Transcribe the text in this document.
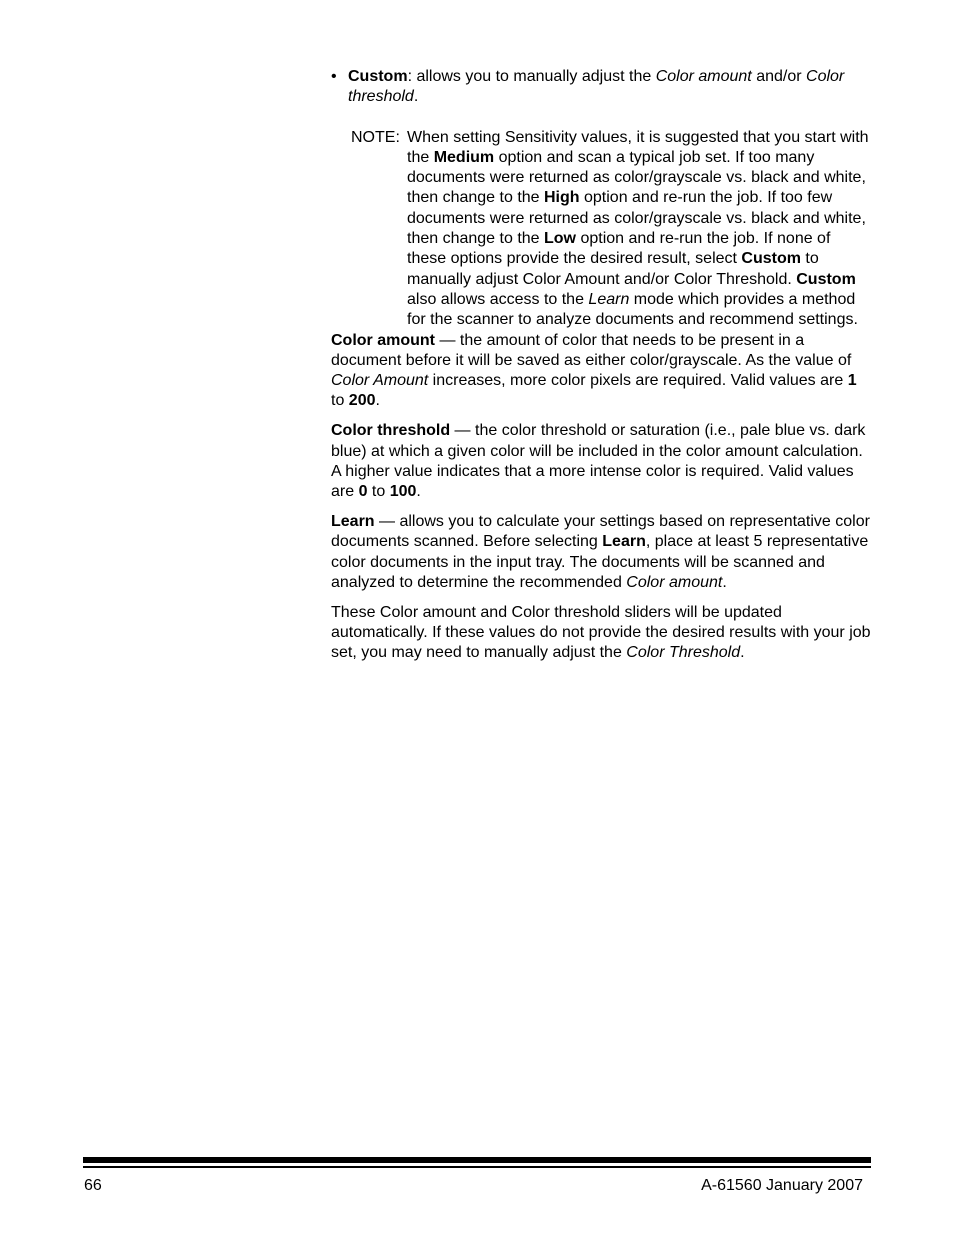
• Custom: allows you to manually adjust the Color amount and/or Color threshold.
NOTE: When setting Sensitivity values, it is suggested that you start with the Medium option and scan a typical job set. If too many documents were returned as color/grayscale vs. black and white, then change to the High option and re-run the job. If too few documents were returned as color/grayscale vs. black and white, then change to the Low option and re-run the job. If none of these options provide the desired result, select Custom to manually adjust Color Amount and/or Color Threshold. Custom also allows access to the Learn mode which provides a method for the scanner to analyze documents and recommend settings.

Color amount — the amount of color that needs to be present in a document before it will be saved as either color/grayscale. As the value of Color Amount increases, more color pixels are required. Valid values are 1 to 200.

Color threshold — the color threshold or saturation (i.e., pale blue vs. dark blue) at which a given color will be included in the color amount calculation. A higher value indicates that a more intense color is required. Valid values are 0 to 100.

Learn — allows you to calculate your settings based on representative color documents scanned. Before selecting Learn, place at least 5 representative color documents in the input tray. The documents will be scanned and analyzed to determine the recommended Color amount.

These Color amount and Color threshold sliders will be updated automatically. If these values do not provide the desired results with your job set, you may need to manually adjust the Color Threshold.

66	A-61560 January 2007
